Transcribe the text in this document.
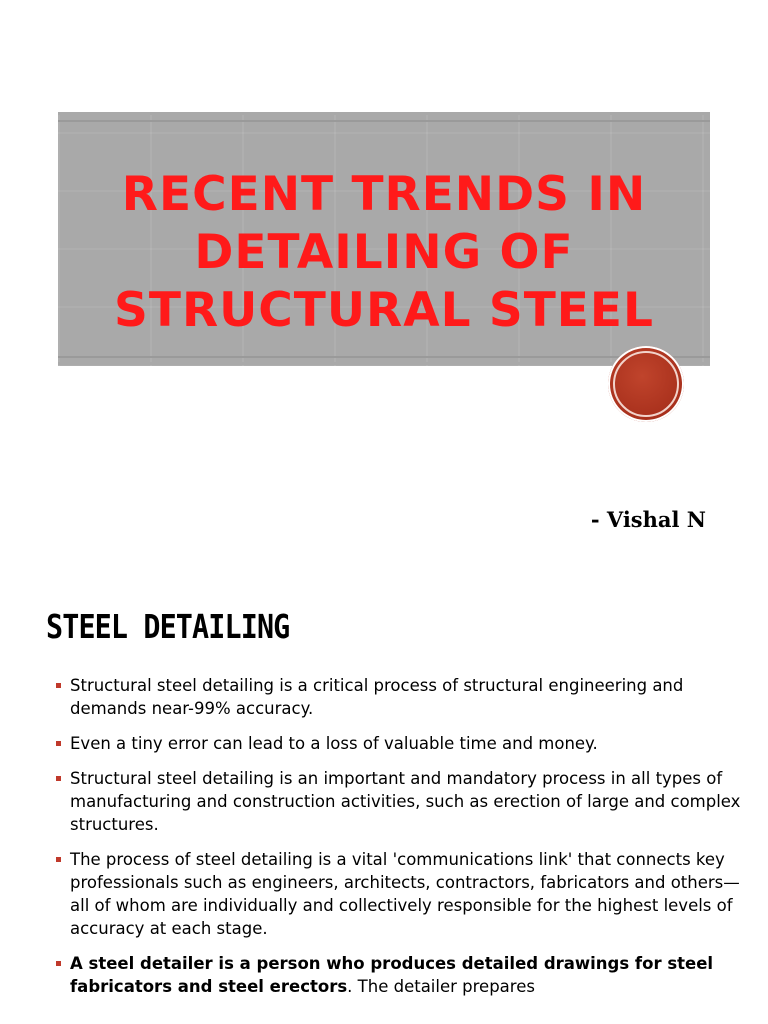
RECENT TRENDS IN
DETAILING OF
STRUCTURAL STEEL
- Vishal N
STEEL DETAILING
Structural steel detailing is a critical process of structural engineering and demands near-99% accuracy.
Even a tiny error can lead to a loss of valuable time and money.
Structural steel detailing is an important and mandatory process in all types of manufacturing and construction activities, such as erection of large and complex structures.
The process of steel detailing is a vital 'communications link' that connects key professionals such as engineers, architects, contractors, fabricators and others—all of whom are individually and collectively responsible for the highest levels of accuracy at each stage.
A steel detailer is a person who produces detailed drawings for steel fabricators and steel erectors. The detailer prepares
